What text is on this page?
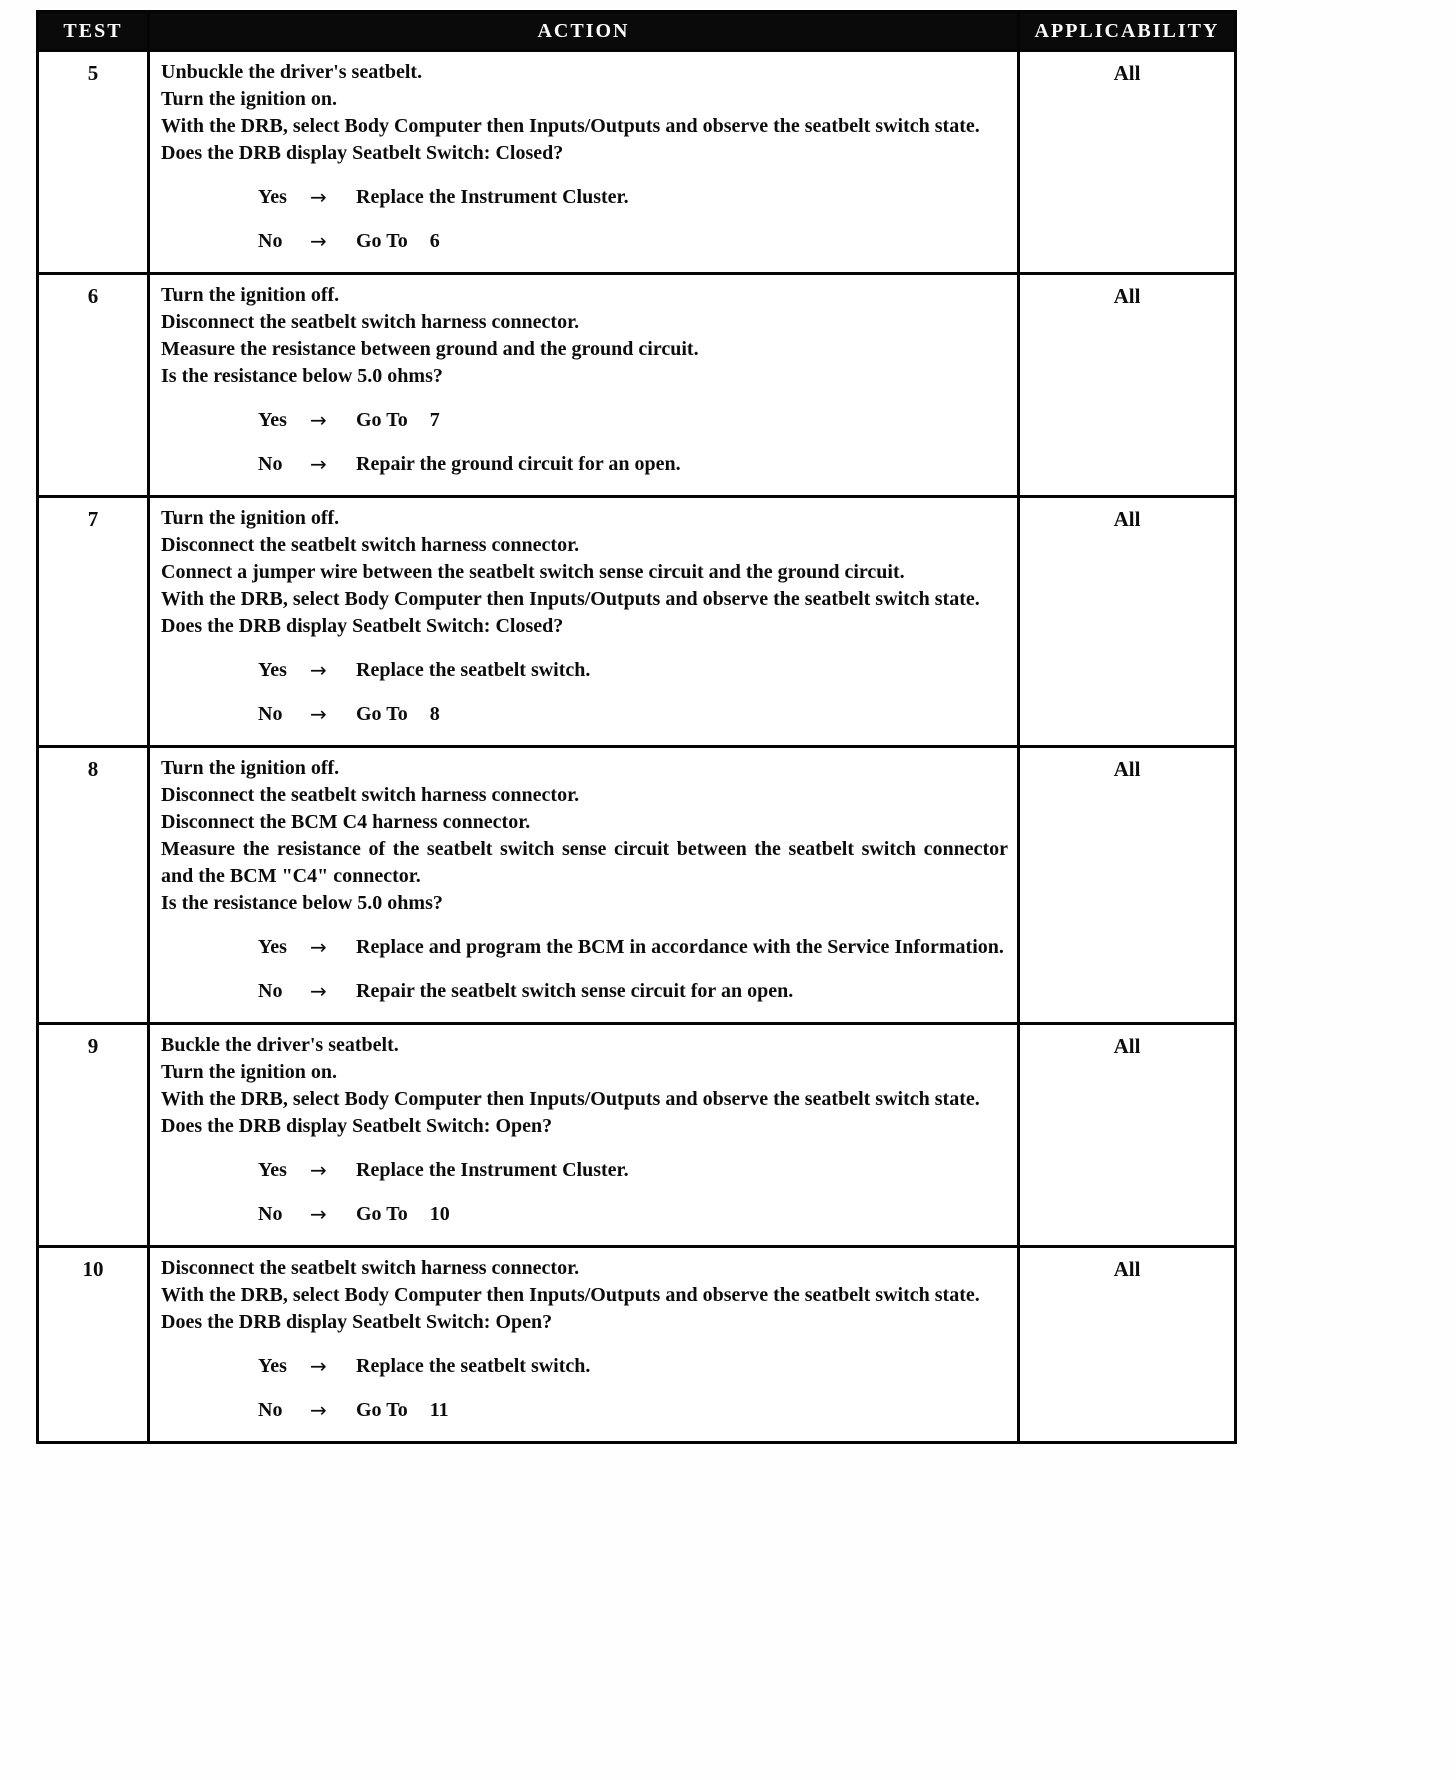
TEST	ACTION	APPLICABILITY
5	Unbuckle the driver's seatbelt.
Turn the ignition on.
With the DRB, select Body Computer then Inputs/Outputs and observe the seatbelt switch state.
Does the DRB display Seatbelt Switch: Closed?
Yes	→	Replace the Instrument Cluster.
No	→	Go To 6
	All
6	Turn the ignition off.
Disconnect the seatbelt switch harness connector.
Measure the resistance between ground and the ground circuit.
Is the resistance below 5.0 ohms?
Yes	→	Go To 7
No	→	Repair the ground circuit for an open.
	All
7	Turn the ignition off.
Disconnect the seatbelt switch harness connector.
Connect a jumper wire between the seatbelt switch sense circuit and the ground circuit.
With the DRB, select Body Computer then Inputs/Outputs and observe the seatbelt switch state.
Does the DRB display Seatbelt Switch: Closed?
Yes	→	Replace the seatbelt switch.
No	→	Go To 8
	All
8	Turn the ignition off.
Disconnect the seatbelt switch harness connector.
Disconnect the BCM C4 harness connector.
Measure the resistance of the seatbelt switch sense circuit between the seatbelt switch connector and the BCM "C4" connector.
Is the resistance below 5.0 ohms?
Yes	→	Replace and program the BCM in accordance with the Service Information.
No	→	Repair the seatbelt switch sense circuit for an open.
	All
9	Buckle the driver's seatbelt.
Turn the ignition on.
With the DRB, select Body Computer then Inputs/Outputs and observe the seatbelt switch state.
Does the DRB display Seatbelt Switch: Open?
Yes	→	Replace the Instrument Cluster.
No	→	Go To 10
	All
10	Disconnect the seatbelt switch harness connector.
With the DRB, select Body Computer then Inputs/Outputs and observe the seatbelt switch state.
Does the DRB display Seatbelt Switch: Open?
Yes	→	Replace the seatbelt switch.
No	→	Go To 11
	All
